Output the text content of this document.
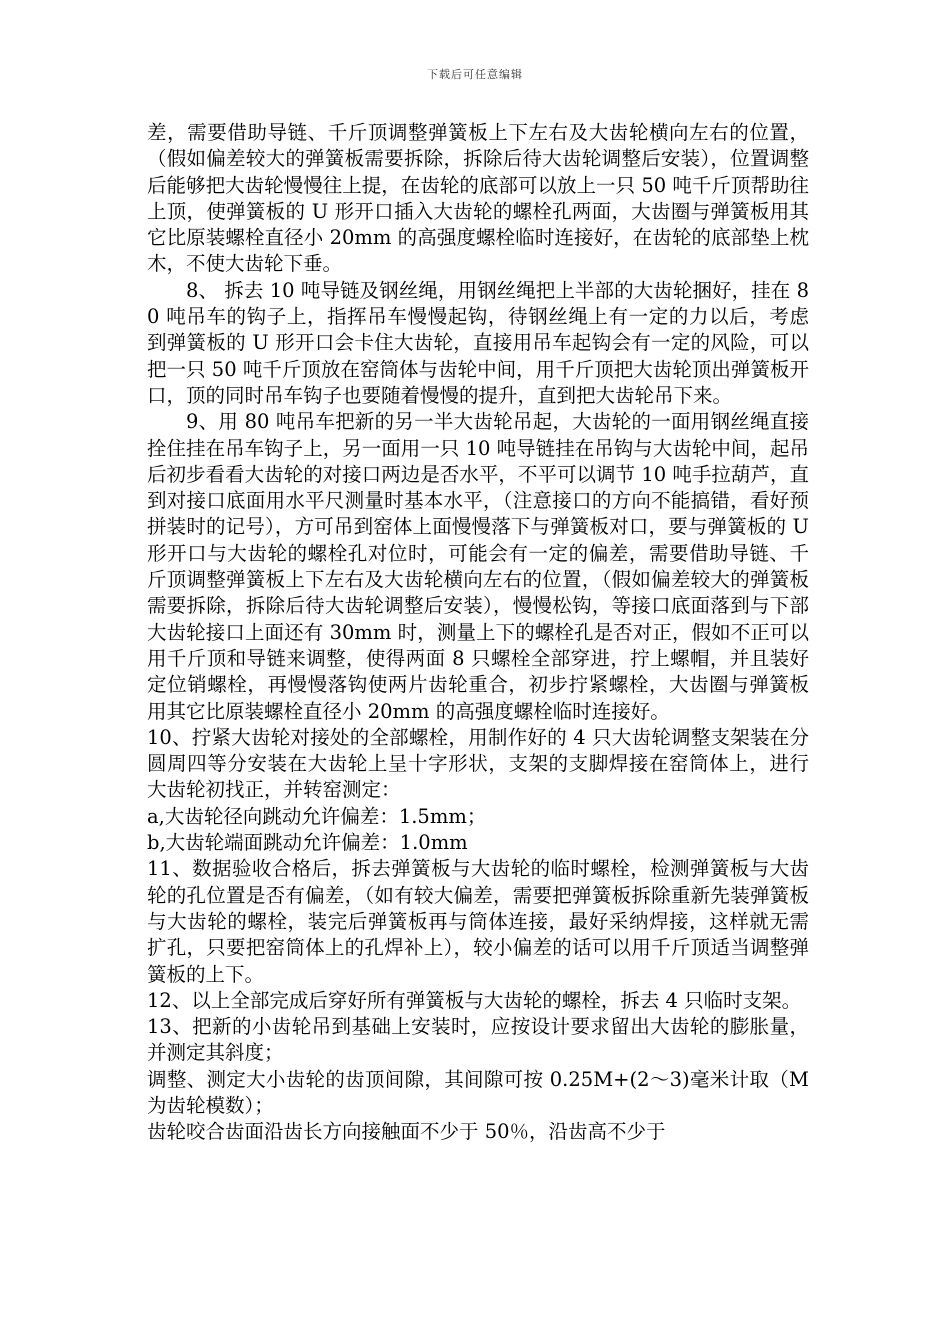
下载后可任意编辑

差，需要借助导链、千斤顶调整弹簧板上下左右及大齿轮横向左右的位置，（假如偏差较大的弹簧板需要拆除，拆除后待大齿轮调整后安装），位置调整后能够把大齿轮慢慢往上提，在齿轮的底部可以放上一只 50 吨千斤顶帮助往上顶，使弹簧板的 U 形开口插入大齿轮的螺栓孔两面，大齿圈与弹簧板用其它比原装螺栓直径小 20mm 的高强度螺栓临时连接好，在齿轮的底部垫上枕木，不使大齿轮下垂。

8、 拆去 10 吨导链及钢丝绳，用钢丝绳把上半部的大齿轮捆好，挂在 80 吨吊车的钩子上，指挥吊车慢慢起钩，待钢丝绳上有一定的力以后，考虑到弹簧板的 U 形开口会卡住大齿轮，直接用吊车起钩会有一定的风险，可以把一只 50 吨千斤顶放在窑筒体与齿轮中间，用千斤顶把大齿轮顶出弹簧板开口，顶的同时吊车钩子也要随着慢慢的提升，直到把大齿轮吊下来。

9、用 80 吨吊车把新的另一半大齿轮吊起，大齿轮的一面用钢丝绳直接拴住挂在吊车钩子上，另一面用一只 10 吨导链挂在吊钩与大齿轮中间，起吊后初步看看大齿轮的对接口两边是否水平，不平可以调节 10 吨手拉葫芦，直到对接口底面用水平尺测量时基本水平，（注意接口的方向不能搞错，看好预拼装时的记号），方可吊到窑体上面慢慢落下与弹簧板对口，要与弹簧板的 U 形开口与大齿轮的螺栓孔对位时，可能会有一定的偏差，需要借助导链、千斤顶调整弹簧板上下左右及大齿轮横向左右的位置，（假如偏差较大的弹簧板需要拆除，拆除后待大齿轮调整后安装），慢慢松钩，等接口底面落到与下部大齿轮接口上面还有 30mm 时，测量上下的螺栓孔是否对正，假如不正可以用千斤顶和导链来调整，使得两面 8 只螺栓全部穿进，拧上螺帽，并且装好定位销螺栓，再慢慢落钩使两片齿轮重合，初步拧紧螺栓，大齿圈与弹簧板用其它比原装螺栓直径小 20mm 的高强度螺栓临时连接好。

10、拧紧大齿轮对接处的全部螺栓，用制作好的 4 只大齿轮调整支架装在分圆周四等分安装在大齿轮上呈十字形状，支架的支脚焊接在窑筒体上，进行大齿轮初找正，并转窑测定：

a,大齿轮径向跳动允许偏差：1.5mm；

b,大齿轮端面跳动允许偏差：1.0mm

11、数据验收合格后，拆去弹簧板与大齿轮的临时螺栓，检测弹簧板与大齿轮的孔位置是否有偏差，（如有较大偏差，需要把弹簧板拆除重新先装弹簧板与大齿轮的螺栓，装完后弹簧板再与筒体连接，最好采纳焊接，这样就无需扩孔，只要把窑筒体上的孔焊补上），较小偏差的话可以用千斤顶适当调整弹簧板的上下。

12、以上全部完成后穿好所有弹簧板与大齿轮的螺栓，拆去 4 只临时支架。

13、把新的小齿轮吊到基础上安装时，应按设计要求留出大齿轮的膨胀量，并测定其斜度；

调整、测定大小齿轮的齿顶间隙，其间隙可按 0.25M+(2～3)毫米计取（M 为齿轮模数）；

齿轮咬合齿面沿齿长方向接触面不少于 50％，沿齿高不少于
